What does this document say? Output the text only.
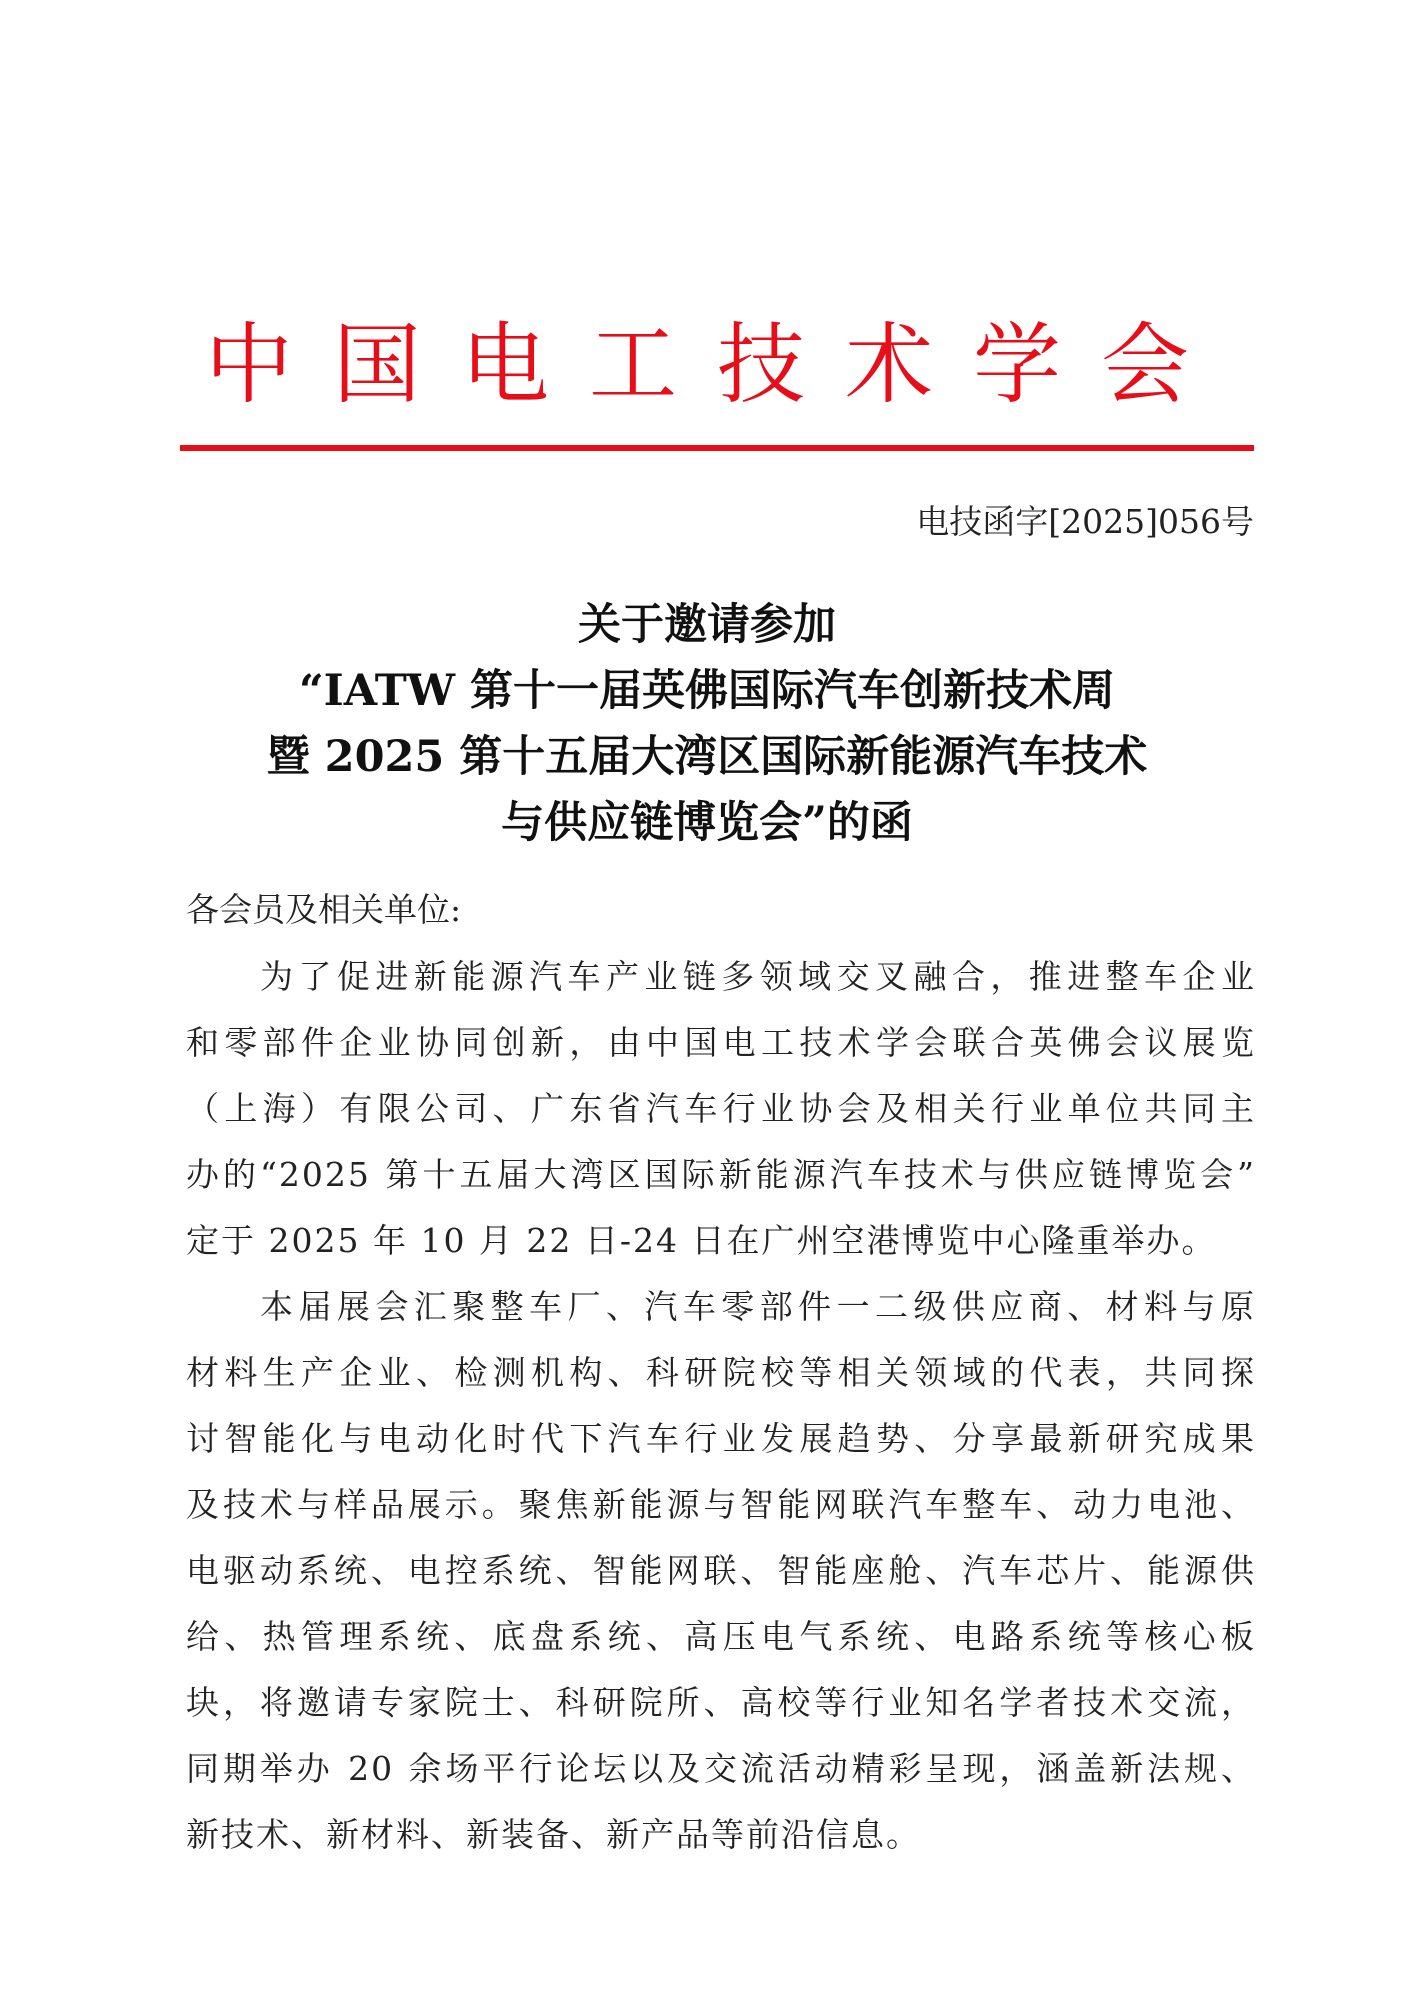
中国电工技术学会
电技函字[2025]056号
关于邀请参加
“IATW 第十一届英佛国际汽车创新技术周
暨 2025 第十五届大湾区国际新能源汽车技术
与供应链博览会”的函
各会员及相关单位:
为了促进新能源汽车产业链多领域交叉融合，推进整车企业
和零部件企业协同创新，由中国电工技术学会联合英佛会议展览
（上海）有限公司、广东省汽车行业协会及相关行业单位共同主
办的“2025 第十五届大湾区国际新能源汽车技术与供应链博览会”
定于 2025 年 10 月 22 日-24 日在广州空港博览中心隆重举办。
本届展会汇聚整车厂、汽车零部件一二级供应商、材料与原
材料生产企业、检测机构、科研院校等相关领域的代表，共同探
讨智能化与电动化时代下汽车行业发展趋势、分享最新研究成果
及技术与样品展示。聚焦新能源与智能网联汽车整车、动力电池、
电驱动系统、电控系统、智能网联、智能座舱、汽车芯片、能源供
给、热管理系统、底盘系统、高压电气系统、电路系统等核心板
块，将邀请专家院士、科研院所、高校等行业知名学者技术交流，
同期举办 20 余场平行论坛以及交流活动精彩呈现，涵盖新法规、
新技术、新材料、新装备、新产品等前沿信息。
